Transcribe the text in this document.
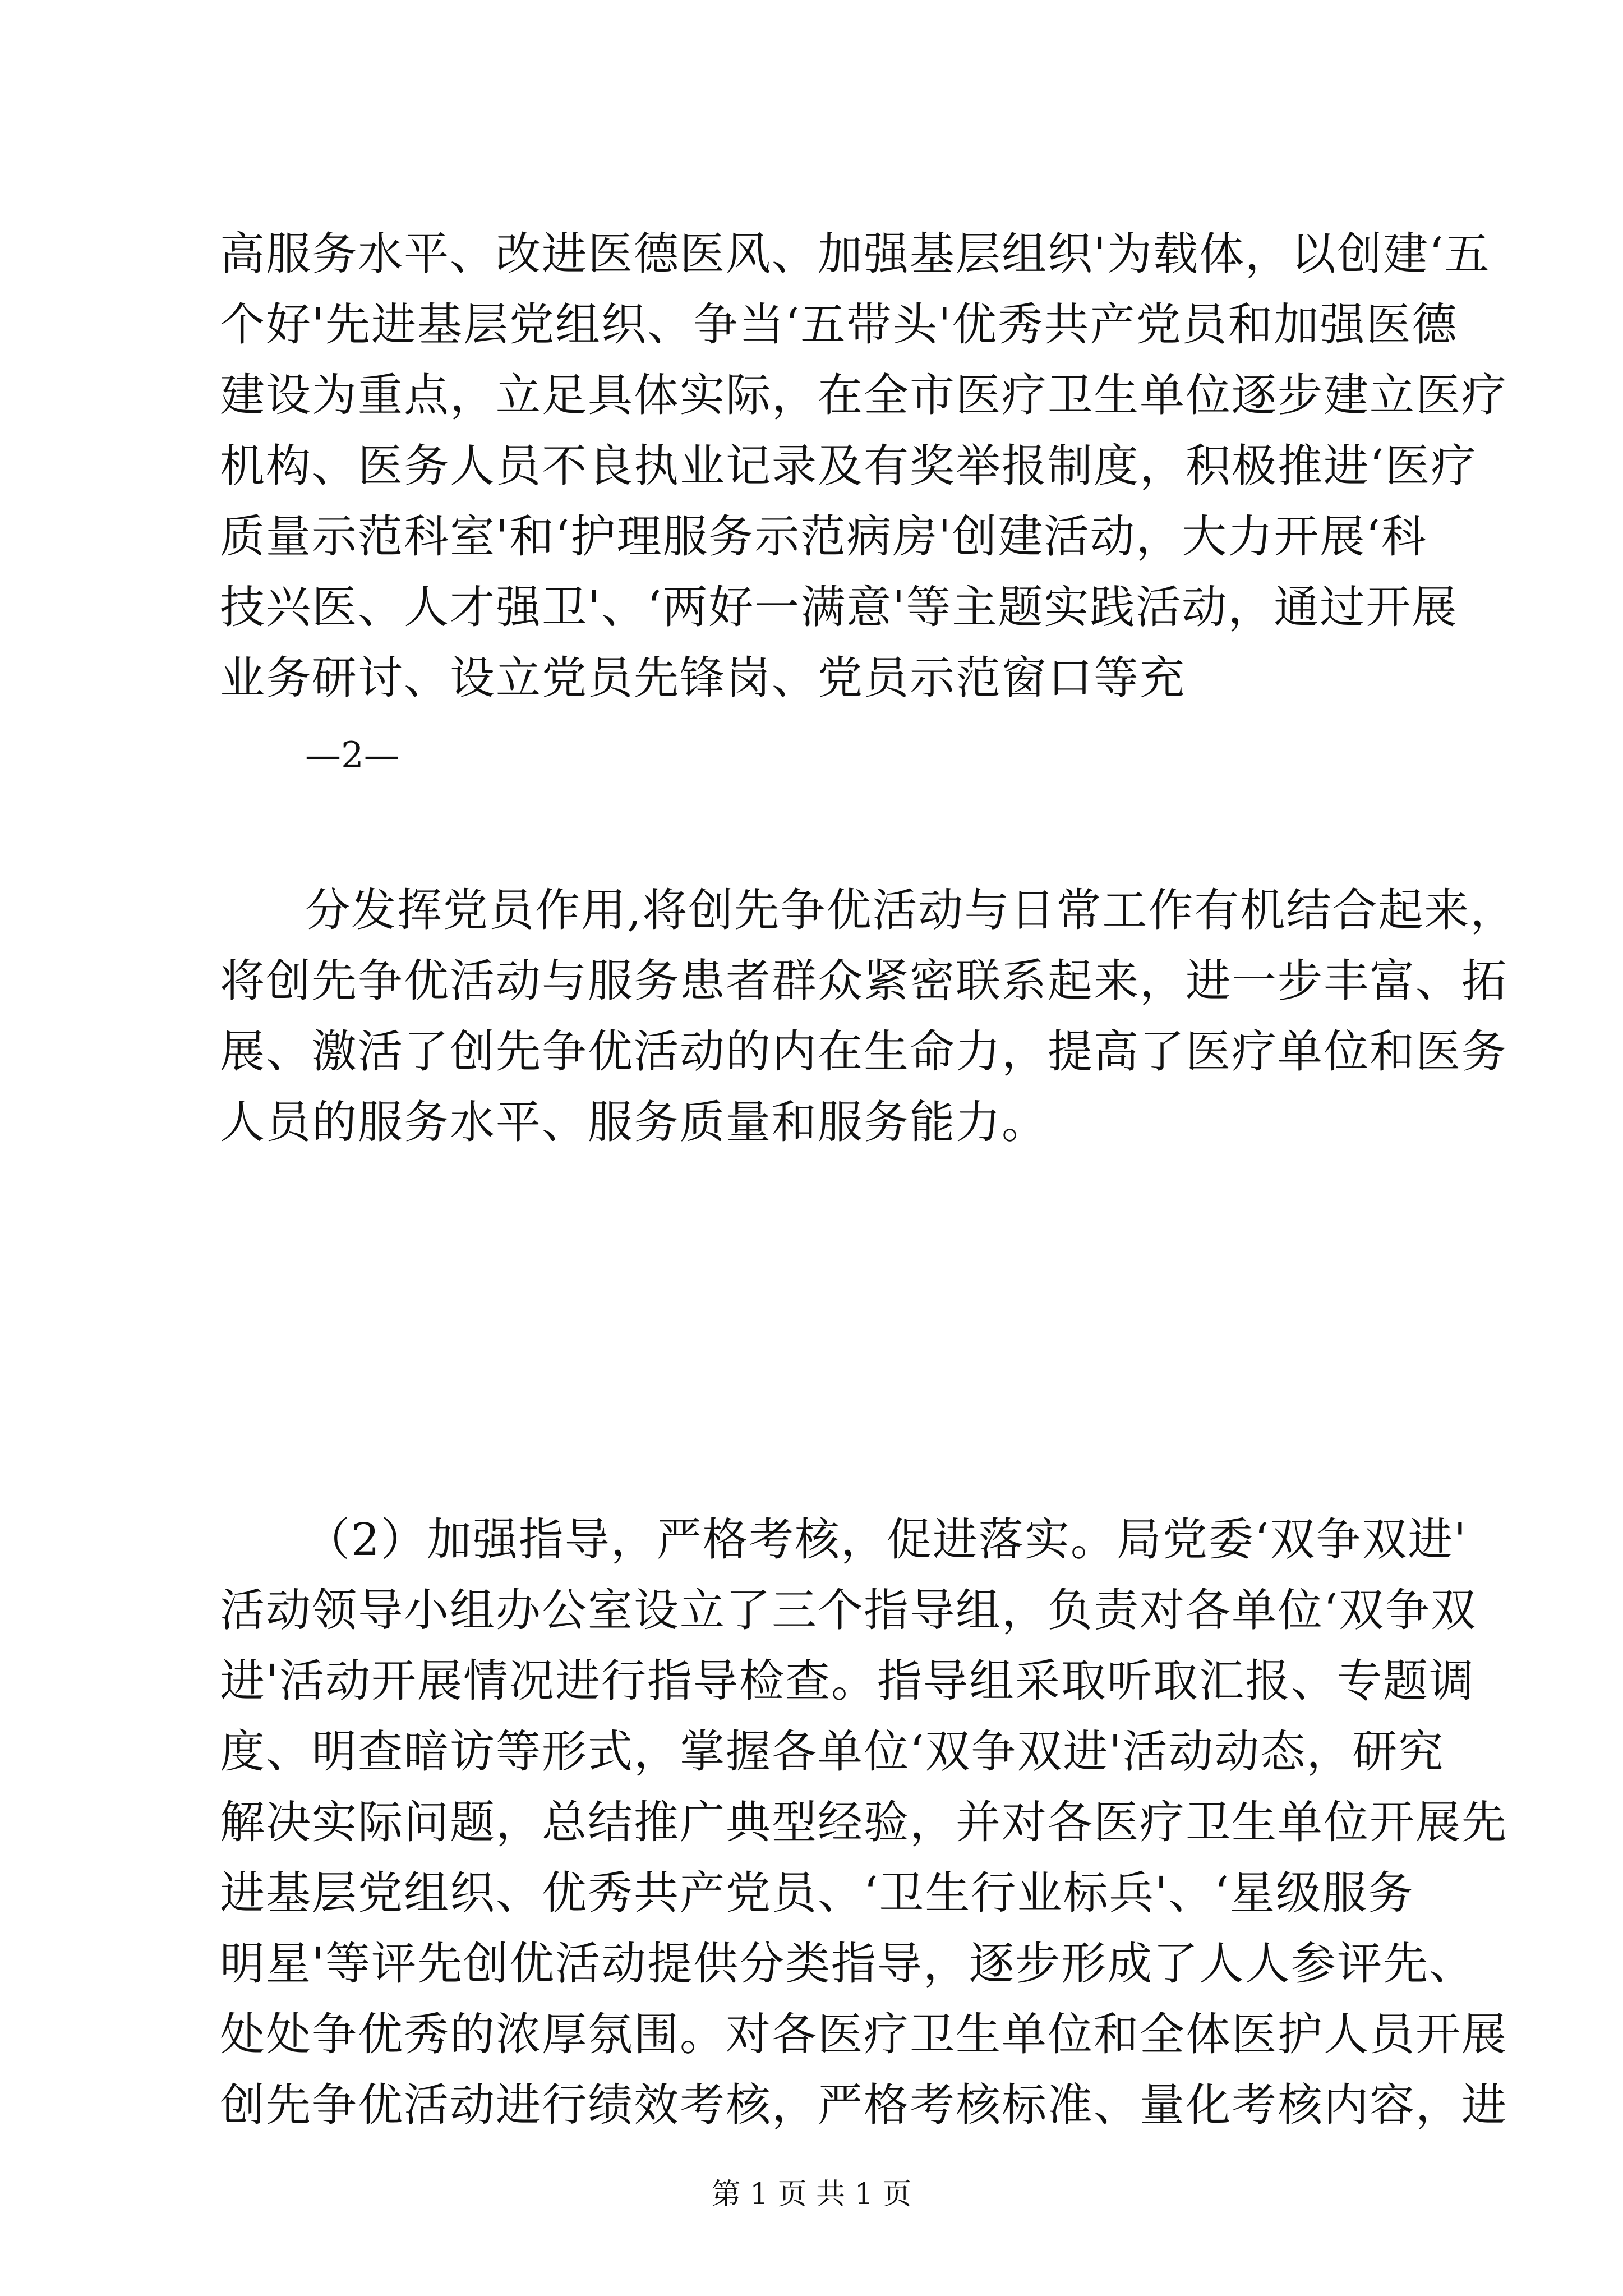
高服务水平、改进医德医风、加强基层组织'为载体，以创建‘五
个好'先进基层党组织、争当‘五带头'优秀共产党员和加强医德
建设为重点，立足具体实际，在全市医疗卫生单位逐步建立医疗
机构、医务人员不良执业记录及有奖举报制度，积极推进‘医疗
质量示范科室'和‘护理服务示范病房'创建活动，大力开展‘科
技兴医、人才强卫'、‘两好一满意'等主题实践活动，通过开展
业务研讨、设立党员先锋岗、党员示范窗口等充
—2—
分发挥党员作用,将创先争优活动与日常工作有机结合起来，
将创先争优活动与服务患者群众紧密联系起来，进一步丰富、拓
展、激活了创先争优活动的内在生命力，提高了医疗单位和医务
人员的服务水平、服务质量和服务能力。
（2）加强指导，严格考核，促进落实。局党委‘双争双进'
活动领导小组办公室设立了三个指导组，负责对各单位‘双争双
进'活动开展情况进行指导检查。指导组采取听取汇报、专题调
度、明查暗访等形式，掌握各单位‘双争双进'活动动态，研究
解决实际问题，总结推广典型经验，并对各医疗卫生单位开展先
进基层党组织、优秀共产党员、‘卫生行业标兵'、‘星级服务
明星'等评先创优活动提供分类指导，逐步形成了人人参评先、
处处争优秀的浓厚氛围。对各医疗卫生单位和全体医护人员开展
创先争优活动进行绩效考核，严格考核标准、量化考核内容，进
第 1 页 共 1 页
